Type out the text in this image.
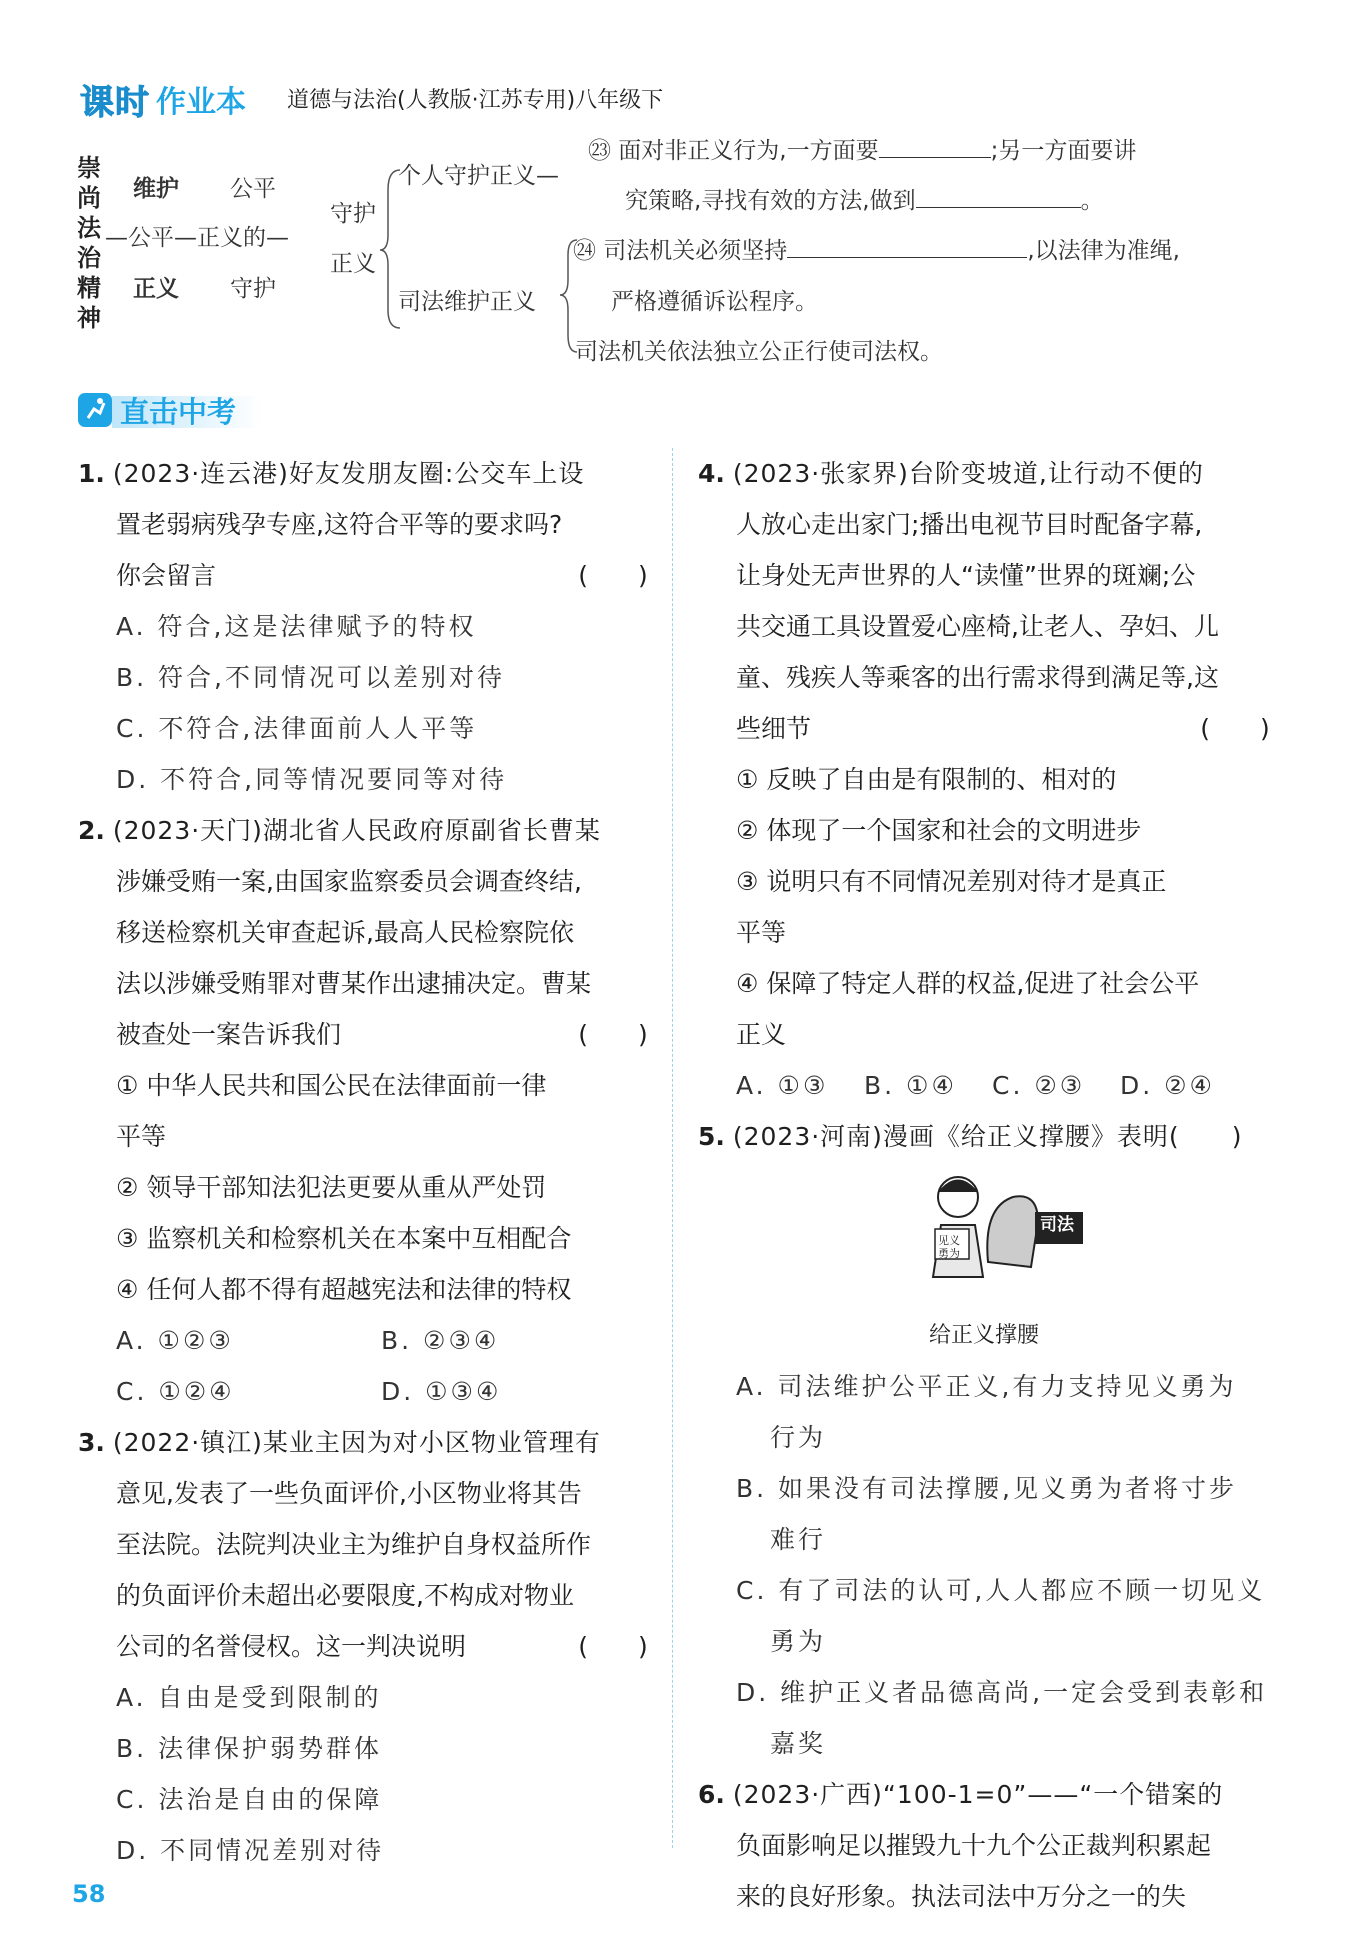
课时 作业本 道德与法治(人教版·江苏专用)八年级下
崇尚法治精神
维护 公平
—公平—正义的—
正义 守护
守护
正义
个人守护正义—
司法维护正义
㉓ 面对非正义行为,一方面要	;另一方面要讲
究策略,寻找有效的方法,做到	。
㉔ 司法机关必须坚持	,以法律为准绳,
严格遵循诉讼程序。
司法机关依法独立公正行使司法权。
直击中考

1. (2023·连云港)好友发朋友圈:公交车上设

置老弱病残孕专座,这符合平等的要求吗?

你会留言	(　　)

A. 符合,这是法律赋予的特权

B. 符合,不同情况可以差别对待

C. 不符合,法律面前人人平等

D. 不符合,同等情况要同等对待

2. (2023·天门)湖北省人民政府原副省长曹某

涉嫌受贿一案,由国家监察委员会调查终结,

移送检察机关审查起诉,最高人民检察院依

法以涉嫌受贿罪对曹某作出逮捕决定。曹某

被查处一案告诉我们	(　　)

① 中华人民共和国公民在法律面前一律

平等

② 领导干部知法犯法更要从重从严处罚

③ 监察机关和检察机关在本案中互相配合

④ 任何人都不得有超越宪法和法律的特权

A. ①②③	B. ②③④

C. ①②④	D. ①③④

3. (2022·镇江)某业主因为对小区物业管理有

意见,发表了一些负面评价,小区物业将其告

至法院。法院判决业主为维护自身权益所作

的负面评价未超出必要限度,不构成对物业

公司的名誉侵权。这一判决说明	(　　)

A. 自由是受到限制的

B. 法律保护弱势群体

C. 法治是自由的保障

D. 不同情况差别对待

4. (2023·张家界)台阶变坡道,让行动不便的

人放心走出家门;播出电视节目时配备字幕,

让身处无声世界的人“读懂”世界的斑斓;公

共交通工具设置爱心座椅,让老人、孕妇、儿

童、残疾人等乘客的出行需求得到满足等,这

些细节	(　　)

① 反映了自由是有限制的、相对的

② 体现了一个国家和社会的文明进步

③ 说明只有不同情况差别对待才是真正

平等

④ 保障了特定人群的权益,促进了社会公平

正义

A. ①③ B. ①④ C. ②③ D. ②④

5. (2023·河南)漫画《给正义撑腰》表明(　　)

见义勇为
司法

给正义撑腰

A. 司法维护公平正义,有力支持见义勇为

行为

B. 如果没有司法撑腰,见义勇为者将寸步

难行

C. 有了司法的认可,人人都应不顾一切见义

勇为

D. 维护正义者品德高尚,一定会受到表彰和

嘉奖

6. (2023·广西)“100-1=0”——“一个错案的

负面影响足以摧毁九十九个公正裁判积累起

来的良好形象。执法司法中万分之一的失

58
